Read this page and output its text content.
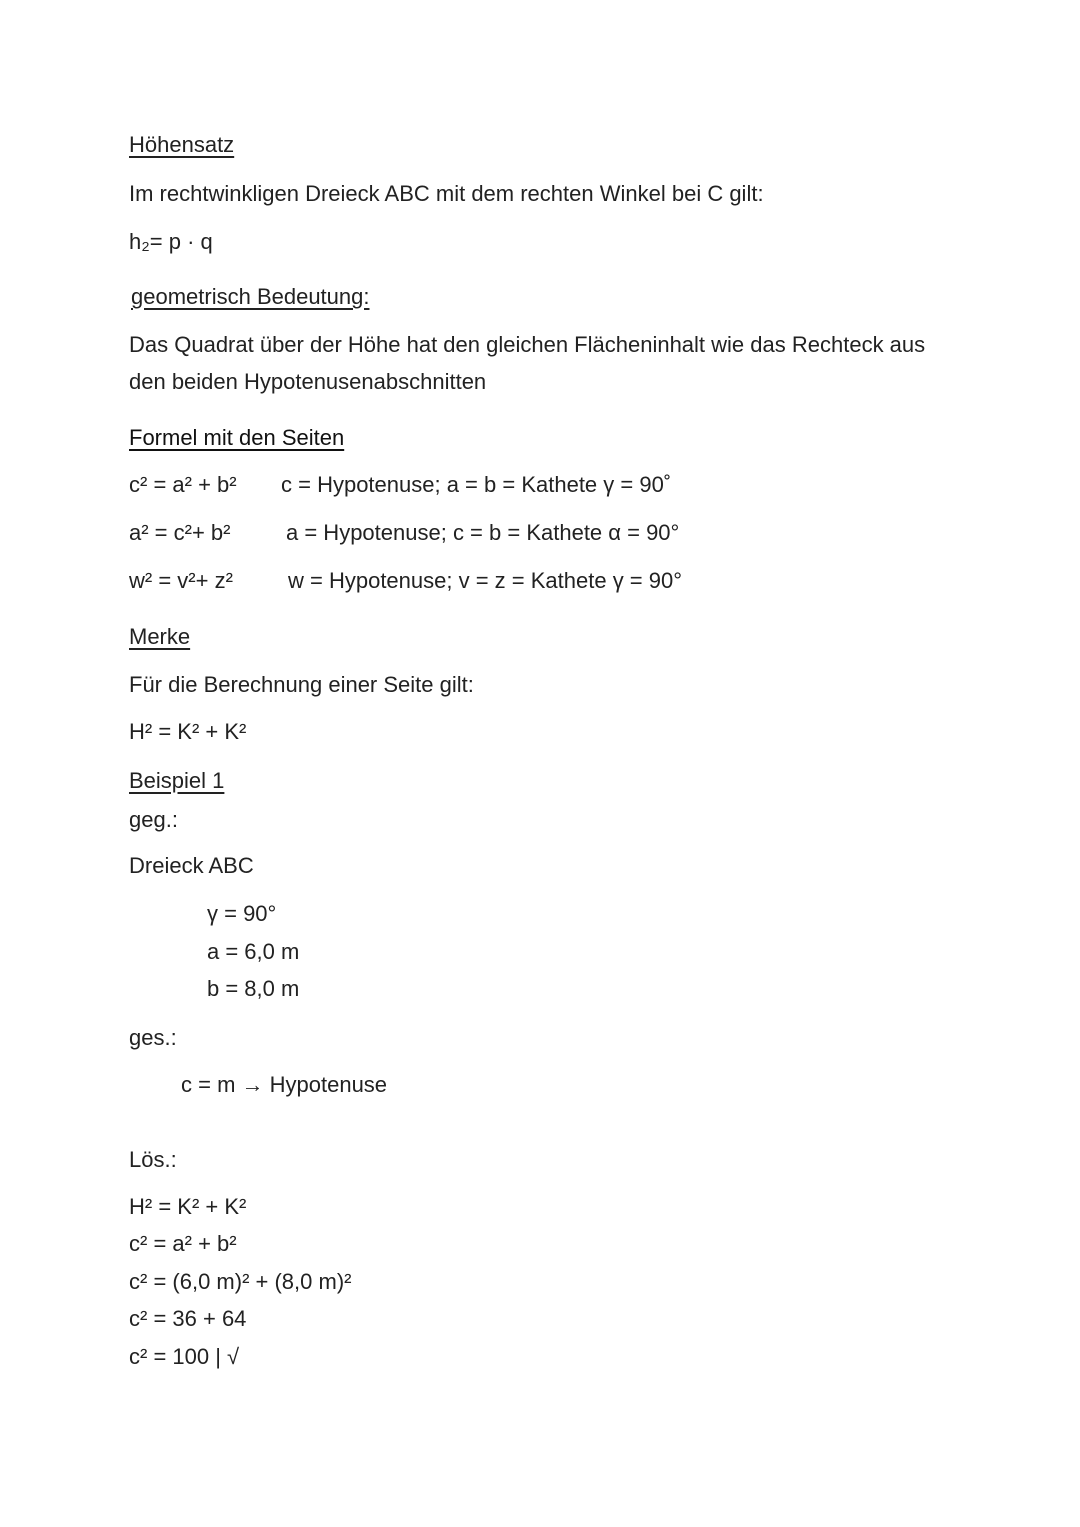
Höhensatz
Im rechtwinkligen Dreieck ABC mit dem rechten Winkel bei C gilt:
h₂= p · q
geometrisch Bedeutung:
Das Quadrat über der Höhe hat den gleichen Flächeninhalt wie das Rechteck aus
den beiden Hypotenusenabschnitten
Formel mit den Seiten
c² = a² + b² c = Hypotenuse; a = b = Kathete γ = 90˚
a² = c²+ b²	a = Hypotenuse; c = b = Kathete α = 90°
w² = v²+ z²	w = Hypotenuse; v = z = Kathete γ = 90°
Merke
Für die Berechnung einer Seite gilt:
H² = K² + K²
Beispiel 1
geg.:
Dreieck ABC
γ = 90°
a = 6,0 m
b = 8,0 m
ges.:
c = m → Hypotenuse
Lös.:
H² = K² + K²
c² = a² + b²
c² = (6,0 m)² + (8,0 m)²
c² = 36 + 64
c² = 100 | √
